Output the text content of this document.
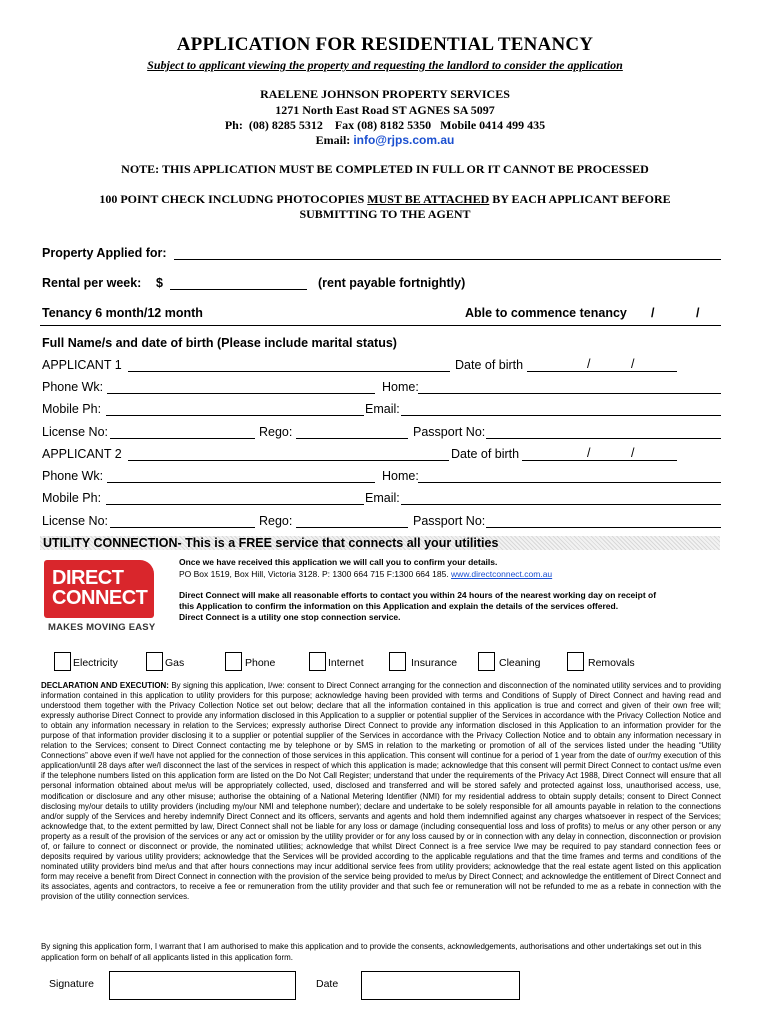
APPLICATION FOR RESIDENTIAL TENANCY
Subject to applicant viewing the property and requesting the landlord to consider the application
RAELENE JOHNSON PROPERTY SERVICES
1271 North East Road ST AGNES SA 5097
Ph:  (08) 8285 5312    Fax (08) 8182 5350   Mobile 0414 499 435
Email: info@rjps.com.au
NOTE: THIS APPLICATION MUST BE COMPLETED IN FULL OR IT CANNOT BE PROCESSED
100 POINT CHECK INCLUDNG PHOTOCOPIES MUST BE ATTACHED BY EACH APPLICANT BEFORE
SUBMITTING TO THE AGENT
Property Applied for:
Rental per week: $	(rent payable fortnightly)
Tenancy 6 month/12 month	Able to commence tenancy /	/
Full Name/s and date of birth (Please include marital status)
APPLICANT 1	Date of birth	/	/
Phone Wk:	Home:
Mobile Ph:	Email:
License No:	Rego:	Passport No:
APPLICANT 2	Date of birth	/	/
Phone Wk:	Home:
Mobile Ph:	Email:
License No:	Rego:	Passport No:
UTILITY CONNECTION- This is a FREE service that connects all your utilities
DIRECT
CONNECT
MAKES MOVING EASY
Once we have received this application we will call you to confirm your details.
PO Box 1519, Box Hill, Victoria 3128. P: 1300 664 715 F:1300 664 185. www.directconnect.com.au
Direct Connect will make all reasonable efforts to contact you within 24 hours of the nearest working day on receipt of
this Application to confirm the information on this Application and explain the details of the services offered.
Direct Connect is a utility one stop connection service.
Electricity	Gas	Phone	Internet	Insurance	Cleaning	Removals
DECLARATION AND EXECUTION: By signing this application, I/we: consent to Direct Connect arranging for the connection and disconnection of the nominated utility services and to providing information contained in this application to utility providers for this purpose; acknowledge having been provided with terms and Conditions of Supply of Direct Connect and having read and understood them together with the Privacy Collection Notice set out below; declare that all the information contained in this application is true and correct and given of their own free will; expressly authorise Direct Connect to provide any information disclosed in this Application to a supplier or potential supplier of the Services in accordance with the Privacy Collection Notice and to obtain any information necessary in relation to the Services; expressly authorise Direct Connect to provide any information disclosed in this Application to an information provider for the purpose of that information provider disclosing it to a supplier or potential supplier of the Services in accordance with the Privacy Collection Notice and to obtain any information necessary in relation to the Services; consent to Direct Connect contacting me by telephone or by SMS in relation to the marketing or promotion of all of the services listed under the heading “Utility Connections” above even if we/I have not applied for the connection of those services in this application. This consent will continue for a period of 1 year from the date of our/my execution of this application/until 28 days after we/I disconnect the last of the services in respect of which this application is made; acknowledge that this consent will permit Direct Connect to contact us/me even if the telephone numbers listed on this application form are listed on the Do Not Call Register; understand that under the requirements of the Privacy Act 1988, Direct Connect will ensure that all personal information obtained about me/us will be appropriately collected, used, disclosed and transferred and will be stored safely and protected against loss, unauthorised access, use, modification or disclosure and any other misuse; authorise the obtaining of a National Metering Identifier (NMI) for my residential address to obtain supply details; consent to Direct Connect disclosing my/our details to utility providers (including my/our NMI and telephone number); declare and undertake to be solely responsible for all amounts payable in relation to the connections and/or supply of the Services and hereby indemnify Direct Connect and its officers, servants and agents and hold them indemnified against any charges whatsoever in respect of the Services; acknowledge that, to the extent permitted by law, Direct Connect shall not be liable for any loss or damage (including consequential loss and loss of profits) to me/us or any other person or any property as a result of the provision of the services or any act or omission by the utility provider or for any loss caused by or in connection with any delay in connection, disconnection or provision of, or failure to connect or disconnect or provide, the nominated utilities; acknowledge that whilst Direct Connect is a free service I/we may be required to pay standard connection fees or deposits required by various utility providers; acknowledge that the Services will be provided according to the applicable regulations and that the time frames and terms and conditions of the nominated utility providers bind me/us and that after hours connections may incur additional service fees from utility providers; acknowledge that the real estate agent listed on this application form may receive a benefit from Direct Connect in connection with the provision of the service being provided to me/us by Direct Connect; and acknowledge the entitlement of Direct Connect and its associates, agents and contractors, to receive a fee or remuneration from the utility provider and that such fee or remuneration will not be refunded to me as a rebate in connection with the provision of the utility connection services.
By signing this application form, I warrant that I am authorised to make this application and to provide the consents, acknowledgements, authorisations and other undertakings set out in this application form on behalf of all applicants listed in this application form.
Signature	Date
